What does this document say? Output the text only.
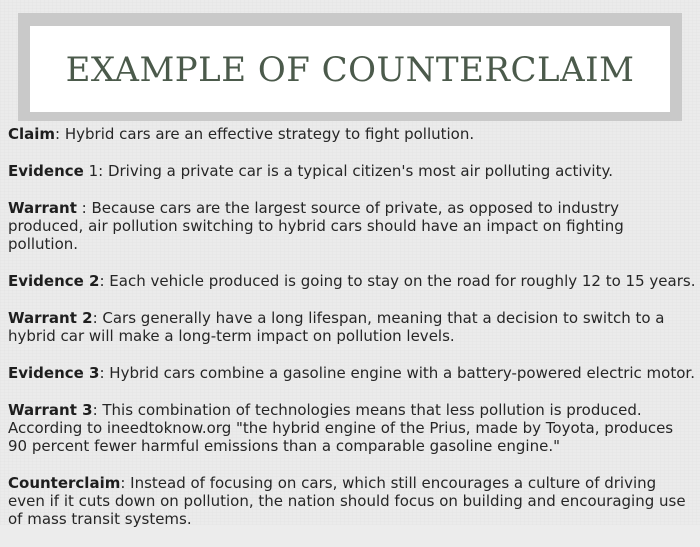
EXAMPLE OF COUNTERCLAIM

Claim: Hybrid cars are an effective strategy to fight pollution.

Evidence 1: Driving a private car is a typical citizen's most air polluting activity.

Warrant : Because cars are the largest source of private, as opposed to industry produced, air pollution switching to hybrid cars should have an impact on fighting pollution.

Evidence 2: Each vehicle produced is going to stay on the road for roughly 12 to 15 years.

Warrant 2: Cars generally have a long lifespan, meaning that a decision to switch to a hybrid car will make a long-term impact on pollution levels.

Evidence 3: Hybrid cars combine a gasoline engine with a battery-powered electric motor.

Warrant 3: This combination of technologies means that less pollution is produced. According to ineedtoknow.org "the hybrid engine of the Prius, made by Toyota, produces 90 percent fewer harmful emissions than a comparable gasoline engine."

Counterclaim: Instead of focusing on cars, which still encourages a culture of driving even if it cuts down on pollution, the nation should focus on building and encouraging use of mass transit systems.
